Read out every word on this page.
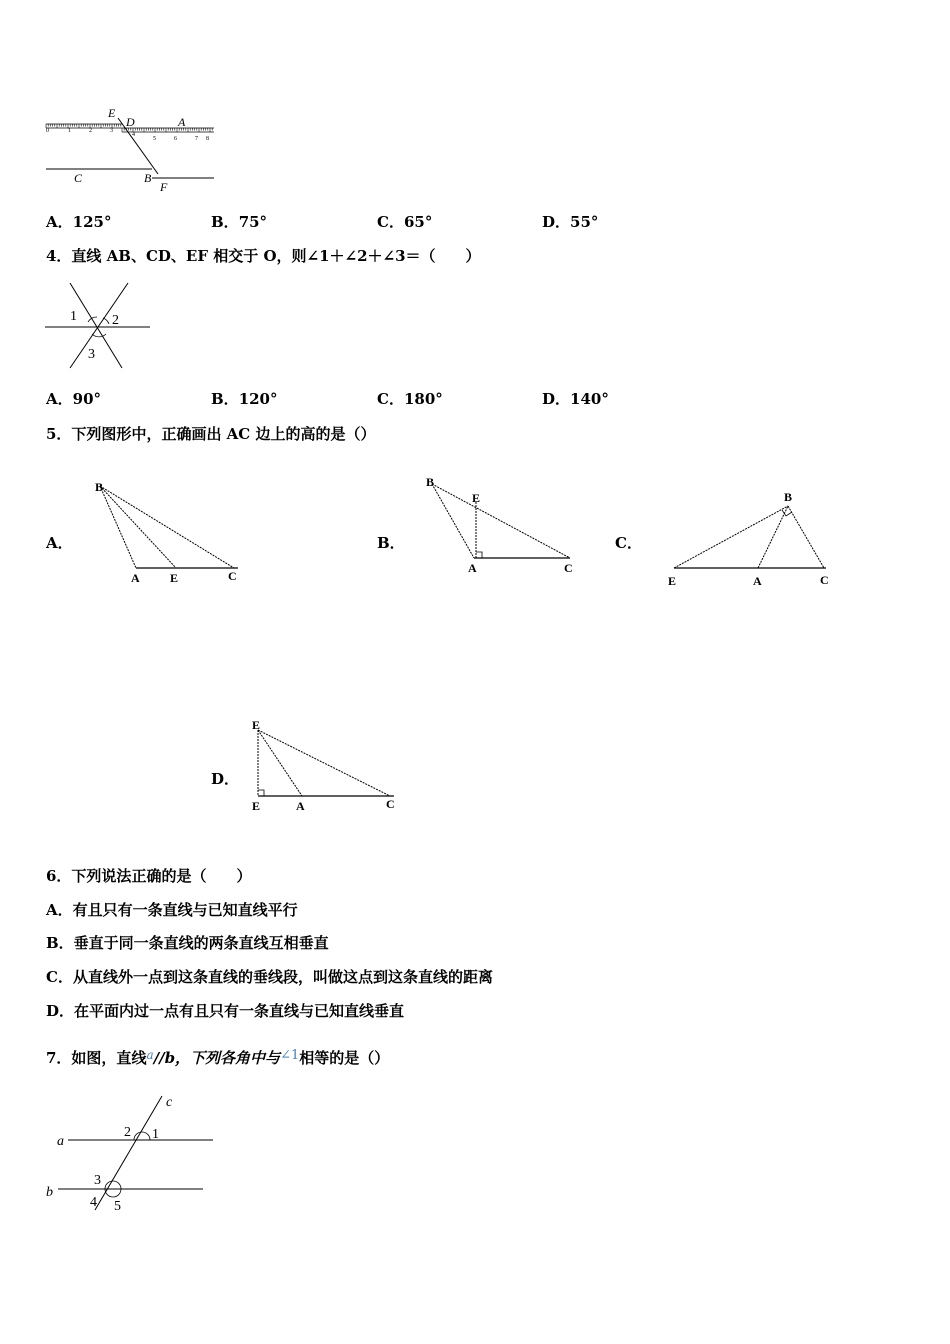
0	1	2	3
4
5	6	7 8
E
D	A
C	B
F
A．125°	B．75°	C．65°	D．55°
4．直线 AB、CD、EF 相交于 O，则∠1＋∠2＋∠3＝（　　）
1	2
3
A．90°	B．120°	C．180°	D．140°
5．下列图形中，正确画出 AC 边上的高的是（）
A．
B
A	E	C
B．
B
E
A	C
C．
B
E	A	C
D．
E
E	A	C
6．下列说法正确的是（　　）
A．有且只有一条直线与已知直线平行
B．垂直于同一条直线的两条直线互相垂直
C．从直线外一点到这条直线的垂线段，叫做这点到这条直线的距离
D．在平面内过一点有且只有一条直线与已知直线垂直
7．如图，直线$^a$//b，下列各角中与∠1相等的是（）
c
a
b
1
2
3
4 5
